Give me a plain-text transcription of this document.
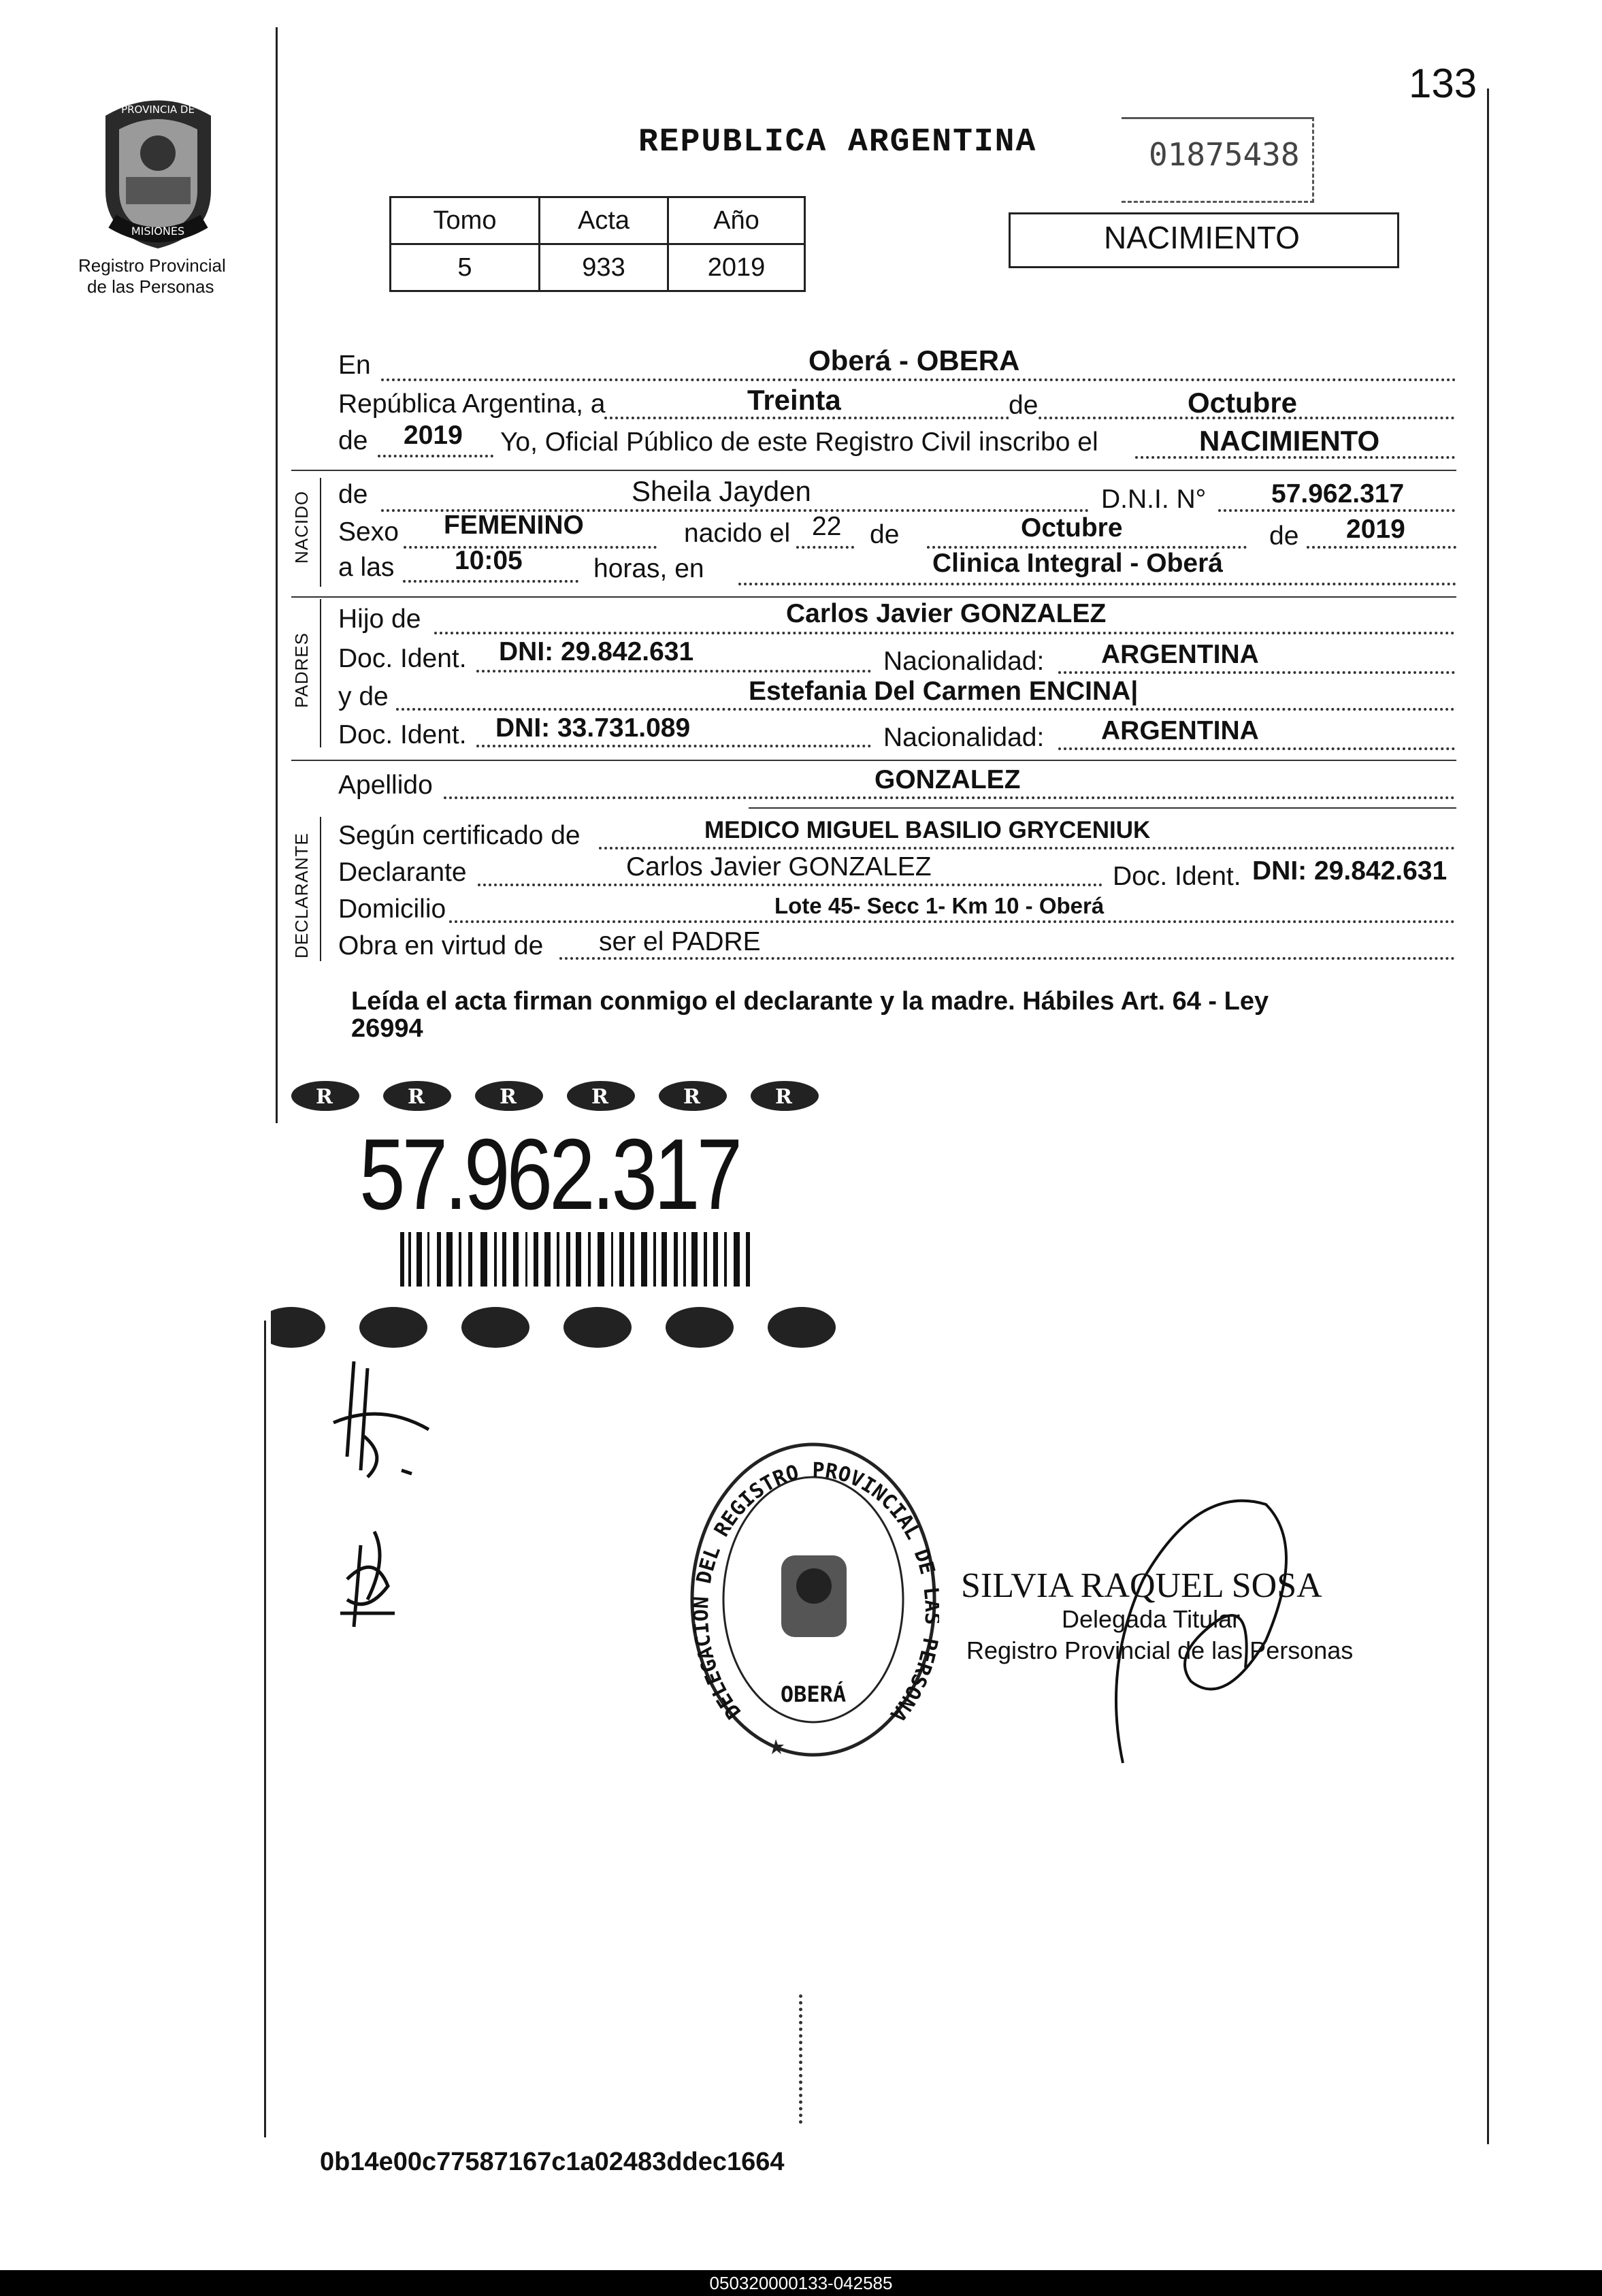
133
PROVINCIA DE
MISIONES
Registro Provincial
de las Personas
REPUBLICA ARGENTINA	01875438
Tomo	Acta	Año
5	933	2019
NACIMIENTO
En	Oberá - OBERA
República Argentina, a	Treinta	de	Octubre
de 2019 Yo, Oficial Público de este Registro Civil inscribo el	NACIMIENTO
NACIDO de	Sheila Jayden	D.N.I. N° 57.962.317
Sexo FEMENINO	nacido el 22 de	Octubre	de 2019
a las 10:05	horas, en	Clinica Integral - Oberá
PADRES
Hijo de	Carlos Javier GONZALEZ
Doc. Ident. DNI: 29.842.631	Nacionalidad: ARGENTINA
y de	Estefania Del Carmen ENCINA|
Doc. Ident. DNI: 33.731.089	Nacionalidad: ARGENTINA
Apellido	GONZALEZ
DECLARANTE Según certificado de	MEDICO MIGUEL BASILIO GRYCENIUK
Declarante	Carlos Javier GONZALEZ	Doc. Ident. DNI: 29.842.631
Domicilio	Lote 45- Secc 1- Km 10 - Oberá
Obra en virtud de ser el PADRE
Leída el acta firman conmigo el declarante y la madre. Hábiles Art. 64 - Ley
26994
R	R	R	R	R	R
57.962.317
DELEGACION DEL REGISTRO PROVINCIAL DE ERSONA
OBERÁ
SILVIA RAQUEL SOSA
Delegada Titular
Registro Provincial de las Personas
0b14e00c77587167c1a02483ddec1664
050320000133-042585
